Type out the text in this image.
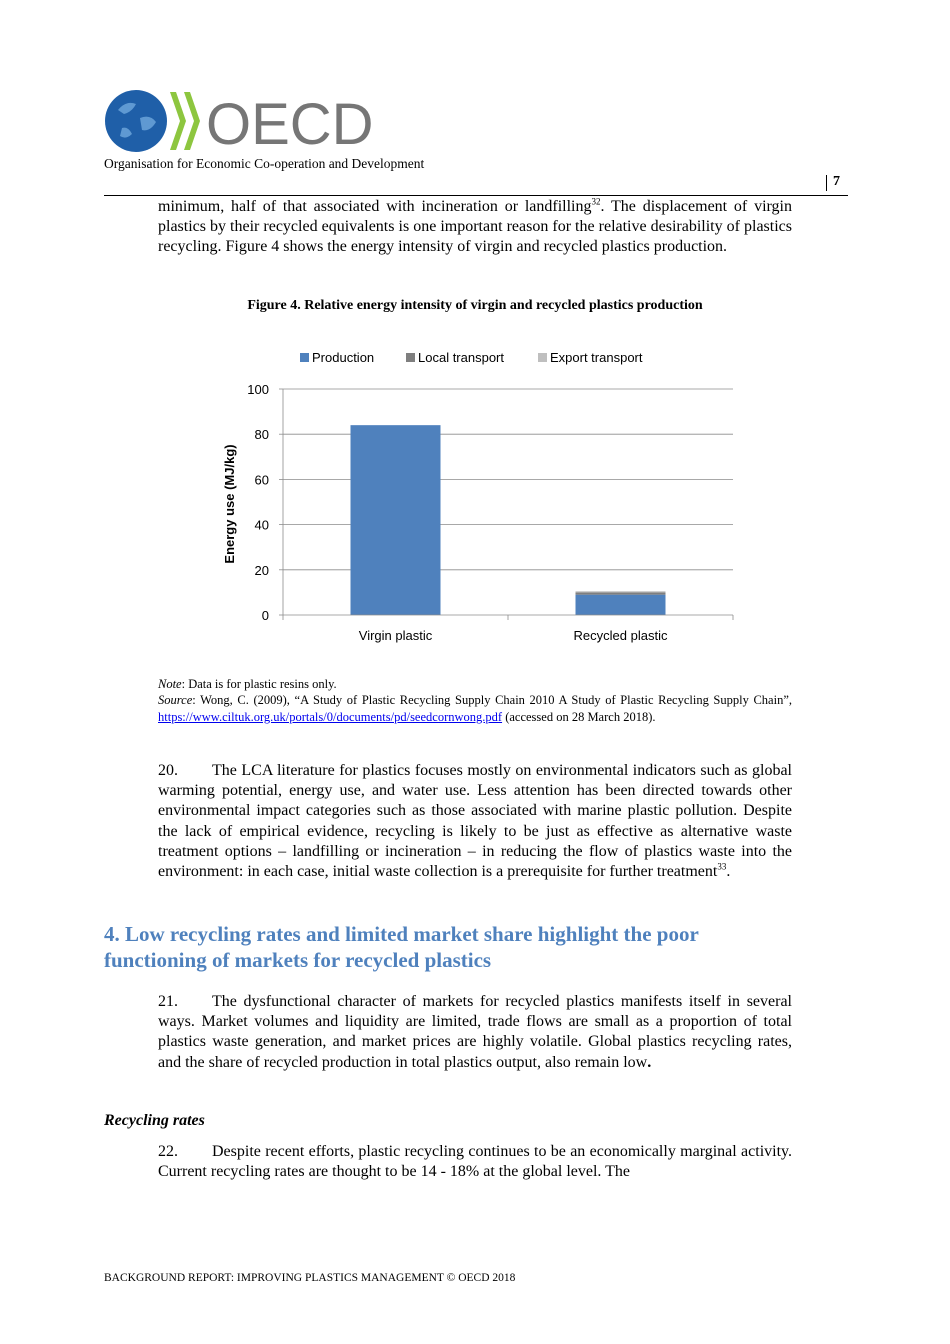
OECD
Organisation for Economic Co-operation and Development
7
minimum, half of that associated with incineration or landfilling$^{32}$. The displacement of virgin plastics by their recycled equivalents is one important reason for the relative desirability of plastics recycling. Figure 4 shows the energy intensity of virgin and recycled plastics production.
Figure 4. Relative energy intensity of virgin and recycled plastics production
Production	Local transport	Export transport
0
20
40
60
80
100
Energy use (MJ/kg)
Virgin plastic	Recycled plastic
Note: Data is for plastic resins only.
Source: Wong, C. (2009), “A Study of Plastic Recycling Supply Chain 2010 A Study of Plastic Recycling Supply Chain”, https://www.ciltuk.org.uk/portals/0/documents/pd/seedcornwong.pdf (accessed on 28 March 2018).
20. The LCA literature for plastics focuses mostly on environmental indicators such as global warming potential, energy use, and water use. Less attention has been directed towards other environmental impact categories such as those associated with marine plastic pollution. Despite the lack of empirical evidence, recycling is likely to be just as effective as alternative waste treatment options – landfilling or incineration – in reducing the flow of plastics waste into the environment: in each case, initial waste collection is a prerequisite for further treatment$^{33}$.
4. Low recycling rates and limited market share highlight the poor functioning of markets for recycled plastics
21. The dysfunctional character of markets for recycled plastics manifests itself in several ways. Market volumes and liquidity are limited, trade flows are small as a proportion of total plastics waste generation, and market prices are highly volatile. Global plastics recycling rates, and the share of recycled production in total plastics output, also remain low.
Recycling rates
22. Despite recent efforts, plastic recycling continues to be an economically marginal activity. Current recycling rates are thought to be 14 - 18% at the global level. The
BACKGROUND REPORT: IMPROVING PLASTICS MANAGEMENT © OECD 2018
